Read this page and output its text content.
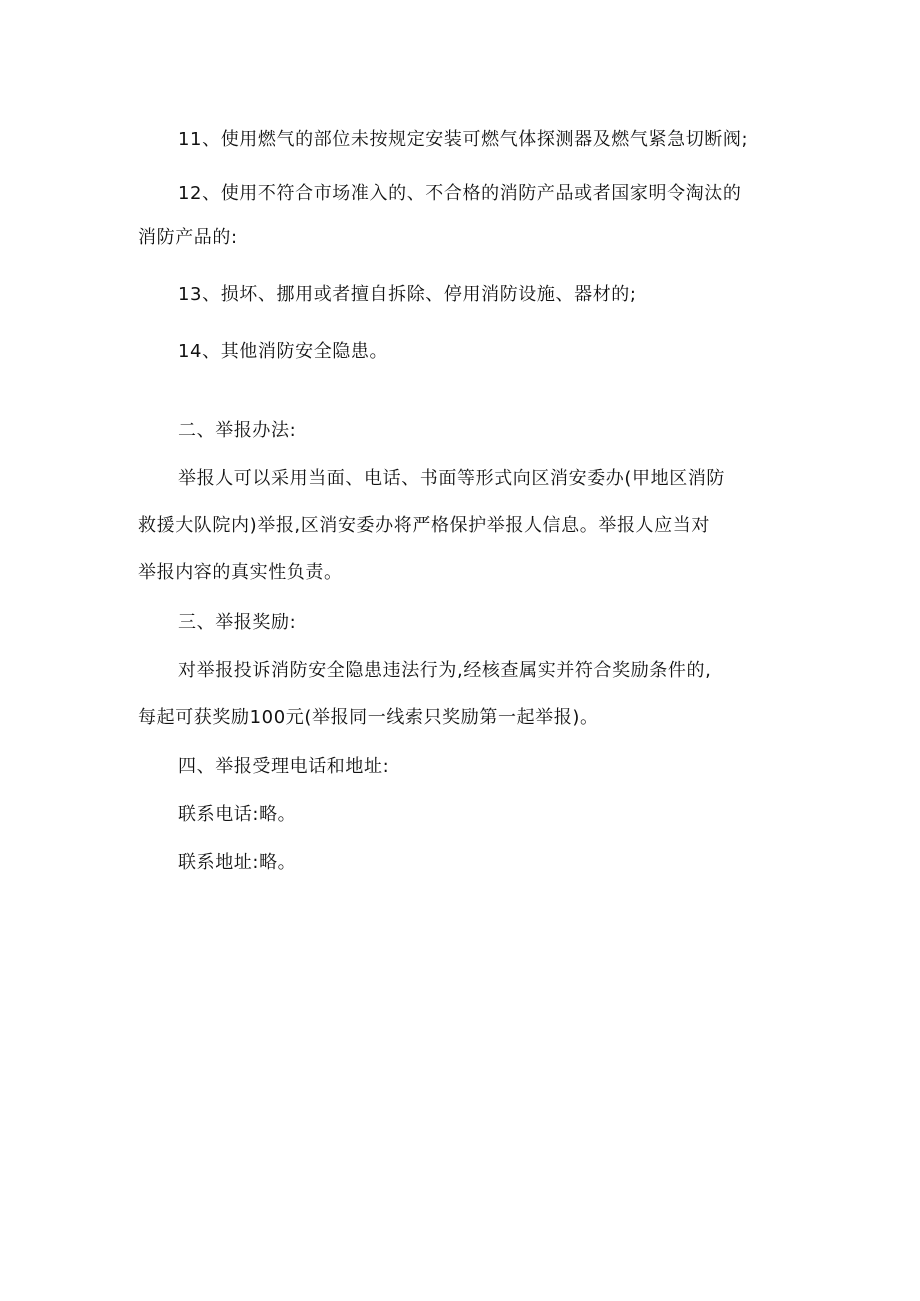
11、使用燃气的部位未按规定安装可燃气体探测器及燃气紧急切断阀;
12、使用不符合市场准入的、不合格的消防产品或者国家明令淘汰的
消防产品的:
13、损坏、挪用或者擅自拆除、停用消防设施、器材的;
14、其他消防安全隐患。
二、举报办法:
举报人可以采用当面、电话、书面等形式向区消安委办(甲地区消防
救援大队院内)举报,区消安委办将严格保护举报人信息。举报人应当对
举报内容的真实性负责。
三、举报奖励:
对举报投诉消防安全隐患违法行为,经核查属实并符合奖励条件的,
每起可获奖励100元(举报同一线索只奖励第一起举报)。
四、举报受理电话和地址:
联系电话:略。
联系地址:略。
